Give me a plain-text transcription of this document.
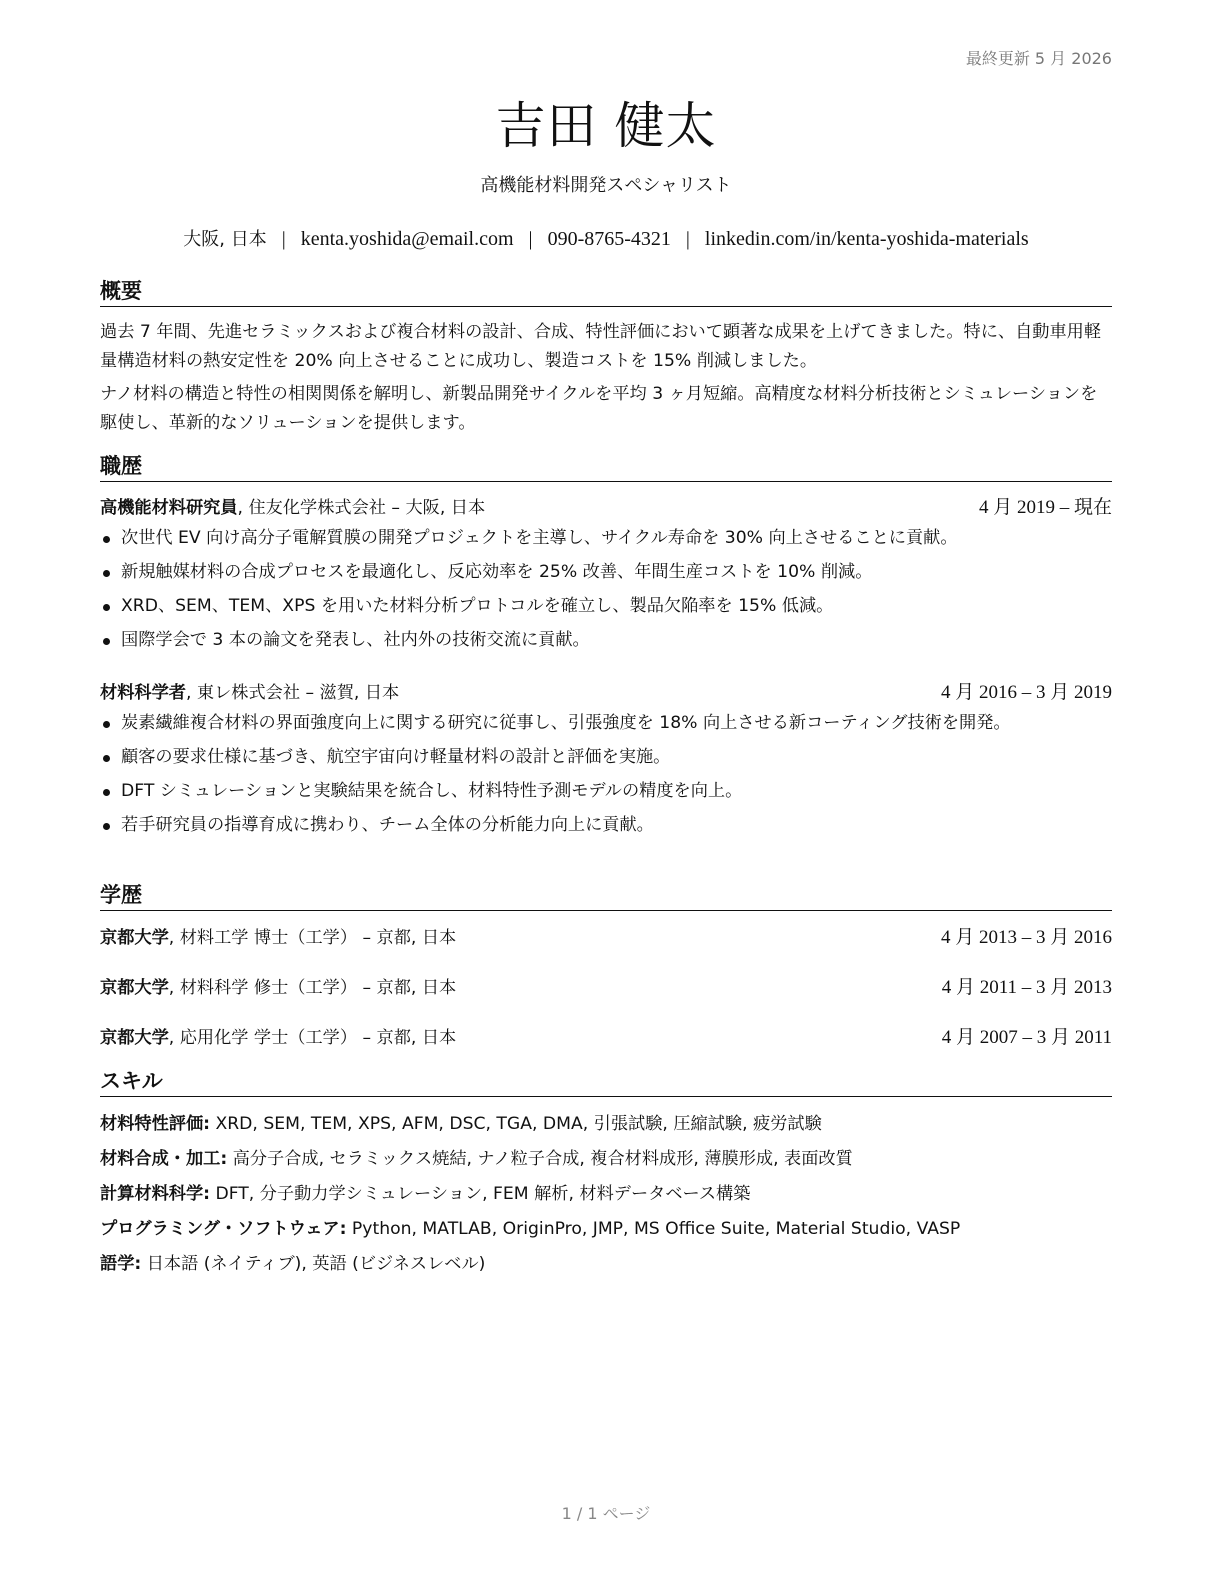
最終更新 5 月 2026
吉田 健太
高機能材料開発スペシャリスト
大阪, 日本 | kenta.yoshida@email.com | 090-8765-4321 | linkedin.com/in/kenta-yoshida-materials
概要
過去 7 年間、先進セラミックスおよび複合材料の設計、合成、特性評価において顕著な成果を上げてきました。特に、自動車用軽量構造材料の熱安定性を 20% 向上させることに成功し、製造コストを 15% 削減しました。
ナノ材料の構造と特性の相関関係を解明し、新製品開発サイクルを平均 3 ヶ月短縮。高精度な材料分析技術とシミュレーションを駆使し、革新的なソリューションを提供します。
職歴
高機能材料研究員, 住友化学株式会社 – 大阪, 日本	4 月 2019 – 現在
次世代 EV 向け高分子電解質膜の開発プロジェクトを主導し、サイクル寿命を 30% 向上させることに貢献。
新規触媒材料の合成プロセスを最適化し、反応効率を 25% 改善、年間生産コストを 10% 削減。
XRD、SEM、TEM、XPS を用いた材料分析プロトコルを確立し、製品欠陥率を 15% 低減。
国際学会で 3 本の論文を発表し、社内外の技術交流に貢献。
材料科学者, 東レ株式会社 – 滋賀, 日本	4 月 2016 – 3 月 2019
炭素繊維複合材料の界面強度向上に関する研究に従事し、引張強度を 18% 向上させる新コーティング技術を開発。
顧客の要求仕様に基づき、航空宇宙向け軽量材料の設計と評価を実施。
DFT シミュレーションと実験結果を統合し、材料特性予測モデルの精度を向上。
若手研究員の指導育成に携わり、チーム全体の分析能力向上に貢献。
学歴
京都大学, 材料工学 博士（工学） – 京都, 日本	4 月 2013 – 3 月 2016
京都大学, 材料科学 修士（工学） – 京都, 日本	4 月 2011 – 3 月 2013
京都大学, 応用化学 学士（工学） – 京都, 日本	4 月 2007 – 3 月 2011
スキル
材料特性評価: XRD, SEM, TEM, XPS, AFM, DSC, TGA, DMA, 引張試験, 圧縮試験, 疲労試験
材料合成・加工: 高分子合成, セラミックス焼結, ナノ粒子合成, 複合材料成形, 薄膜形成, 表面改質
計算材料科学: DFT, 分子動力学シミュレーション, FEM 解析, 材料データベース構築
プログラミング・ソフトウェア: Python, MATLAB, OriginPro, JMP, MS Office Suite, Material Studio, VASP
語学: 日本語 (ネイティブ), 英語 (ビジネスレベル)
1 / 1 ページ
